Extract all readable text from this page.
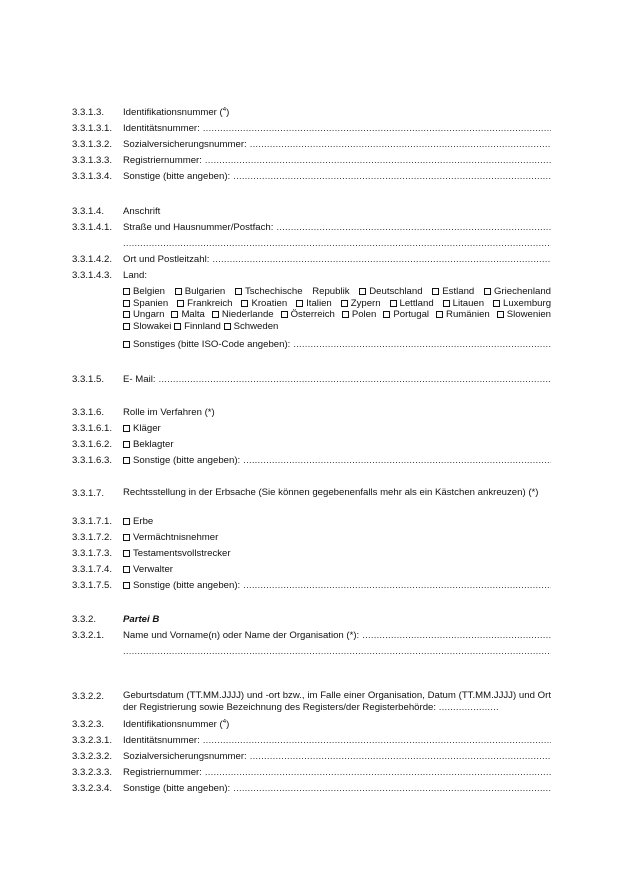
3.3.1.3.	Identifikationsnummer ($^4$)
3.3.1.3.1.	Identitätsnummer:
.....
3.3.1.3.2.	Sozialversicherungsnummer:
.....
3.3.1.3.3.	Registriernummer:
.....
3.3.1.3.4.	Sonstige (bitte angeben):
.....
3.3.1.4.	Anschrift
3.3.1.4.1.	Straße und Hausnummer/Postfach:
.....
.....
3.3.1.4.2.	Ort und Postleitzahl:
.....
3.3.1.4.3.	Land:
Belgien Bulgarien Tschechische Republik Deutschland Estland Griechenland Spanien Frankreich Kroatien Italien Zypern Lettland Litauen Luxemburg Ungarn Malta Niederlande Österreich Polen Portugal Rumänien Slowenien Slowakei Finnland Schweden
Sonstiges (bitte ISO-Code angeben):
.....
3.3.1.5.	E- Mail:
.....
3.3.1.6.	Rolle im Verfahren (*)
3.3.1.6.1.	Kläger
3.3.1.6.2.	Beklagter
3.3.1.6.3.	Sonstige (bitte angeben):
.....
3.3.1.7.	Rechtsstellung in der Erbsache (Sie können gegebenenfalls mehr als ein Kästchen ankreuzen) (*)
3.3.1.7.1.	Erbe
3.3.1.7.2.	Vermächtnisnehmer
3.3.1.7.3.	Testamentsvollstrecker
3.3.1.7.4.	Verwalter
3.3.1.7.5.	Sonstige (bitte angeben):
.....
3.3.2.	Partei B
3.3.2.1.	Name und Vorname(n) oder Name der Organisation (*):
.....
.....
3.3.2.2.	Geburtsdatum (TT.MM.JJJJ) und -ort bzw., im Falle einer Organisation, Datum (TT.MM.JJJJ) und Ort der Registrierung sowie Bezeichnung des Registers/der Registerbehörde: .....................
3.3.2.3.	Identifikationsnummer ($^4$)
3.3.2.3.1.	Identitätsnummer:
.....
3.3.2.3.2.	Sozialversicherungsnummer:
.....
3.3.2.3.3.	Registriernummer:
.....
3.3.2.3.4.	Sonstige (bitte angeben):
.....
